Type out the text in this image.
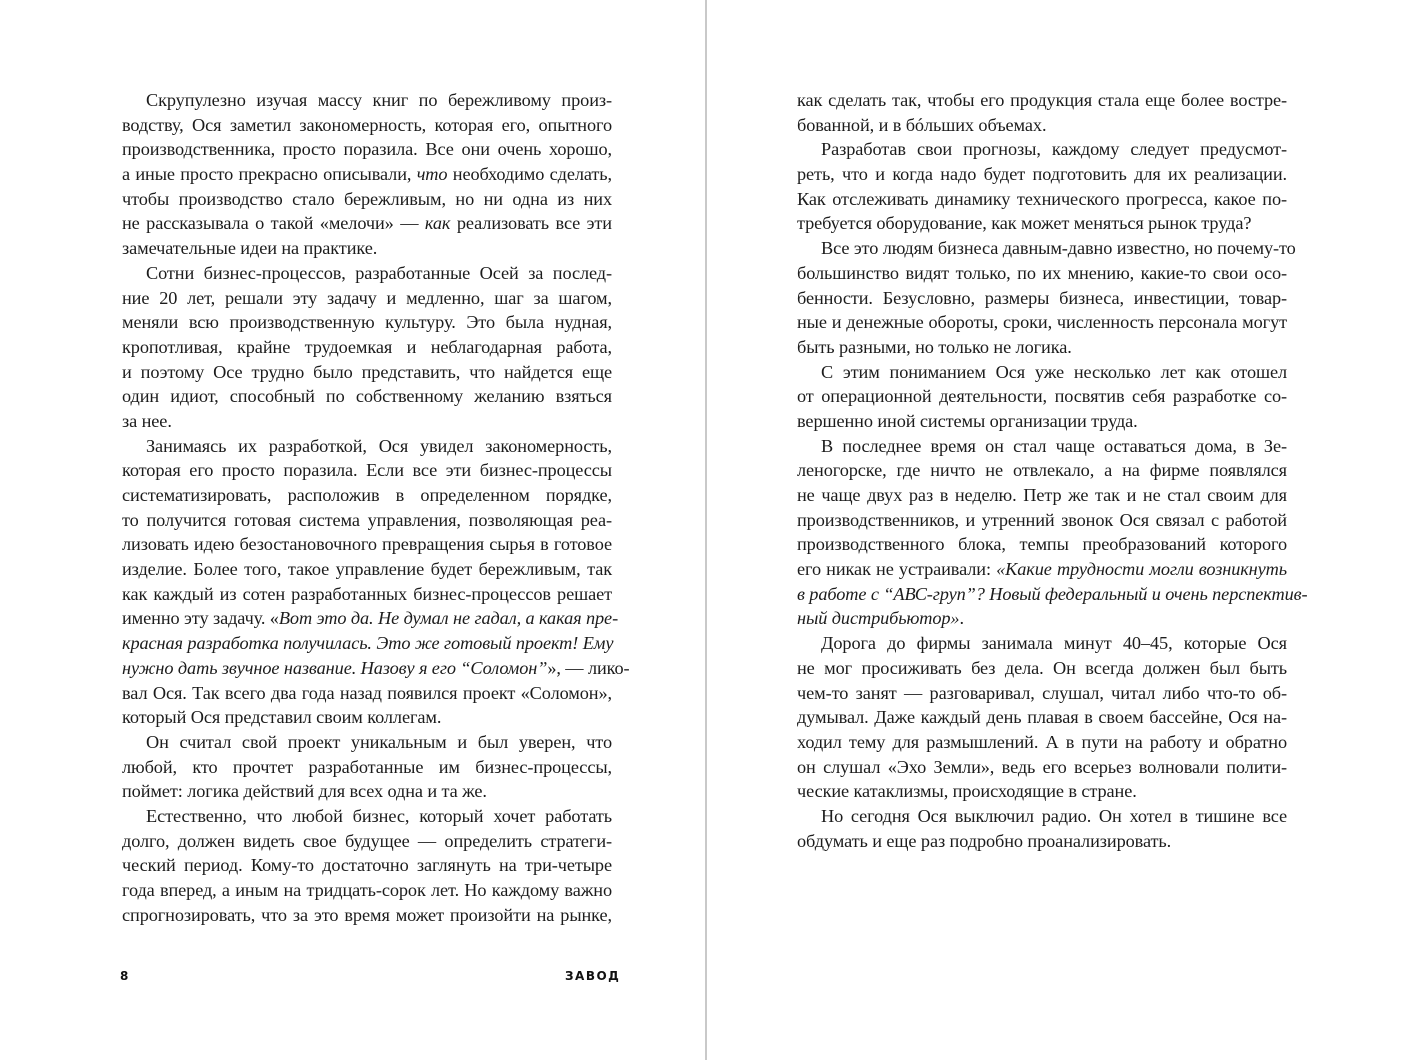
Скрупулезно изучая массу книг по бережливому произ-
водству, Ося заметил закономерность, которая его, опытного
производственника, просто поразила. Все они очень хорошо,
а иные просто прекрасно описывали, что необходимо сделать,
чтобы производство стало бережливым, но ни одна из них
не рассказывала о такой «мелочи» — как реализовать все эти
замечательные идеи на практике.
Сотни бизнес-процессов, разработанные Осей за послед-
ние 20 лет, решали эту задачу и медленно, шаг за шагом,
меняли всю производственную культуру. Это была нудная,
кропотливая, крайне трудоемкая и неблагодарная работа,
и поэтому Осе трудно было представить, что найдется еще
один идиот, способный по собственному желанию взяться
за нее.
Занимаясь их разработкой, Ося увидел закономерность,
которая его просто поразила. Если все эти бизнес-процессы
систематизировать, расположив в определенном порядке,
то получится готовая система управления, позволяющая реа-
лизовать идею безостановочного превращения сырья в готовое
изделие. Более того, такое управление будет бережливым, так
как каждый из сотен разработанных бизнес-процессов решает
именно эту задачу. «Вот это да. Не думал не гадал, а какая пре-
красная разработка получилась. Это же готовый проект! Ему
нужно дать звучное название. Назову я его “Соломон”», — лико-
вал Ося. Так всего два года назад появился проект «Соломон»,
который Ося представил своим коллегам.
Он считал свой проект уникальным и был уверен, что
любой, кто прочтет разработанные им бизнес-процессы,
поймет: логика действий для всех одна и та же.
Естественно, что любой бизнес, который хочет работать
долго, должен видеть свое будущее — определить стратеги-
ческий период. Кому-то достаточно заглянуть на три-четыре
года вперед, а иным на тридцать-сорок лет. Но каждому важно
спрогнозировать, что за это время может произойти на рынке,
как сделать так, чтобы его продукция стала еще более востре-
бованной, и в бóльших объемах.
Разработав свои прогнозы, каждому следует предусмот-
реть, что и когда надо будет подготовить для их реализации.
Как отслеживать динамику технического прогресса, какое по-
требуется оборудование, как может меняться рынок труда?
Все это людям бизнеса давным-давно известно, но почему-то
большинство видят только, по их мнению, какие-то свои осо-
бенности. Безусловно, размеры бизнеса, инвестиции, товар-
ные и денежные обороты, сроки, численность персонала могут
быть разными, но только не логика.
С этим пониманием Ося уже несколько лет как отошел
от операционной деятельности, посвятив себя разработке со-
вершенно иной системы организации труда.
В последнее время он стал чаще оставаться дома, в Зе-
леногорске, где ничто не отвлекало, а на фирме появлялся
не чаще двух раз в неделю. Петр же так и не стал своим для
производственников, и утренний звонок Ося связал с работой
производственного блока, темпы преобразований которого
его никак не устраивали: «Какие трудности могли возникнуть
в работе с “АВС-груп”? Новый федеральный и очень перспектив-
ный дистрибьютор».
Дорога до фирмы занимала минут 40–45, которые Ося
не мог просиживать без дела. Он всегда должен был быть
чем-то занят — разговаривал, слушал, читал либо что-то об-
думывал. Даже каждый день плавая в своем бассейне, Ося на-
ходил тему для размышлений. А в пути на работу и обратно
он слушал «Эхо Земли», ведь его всерьез волновали полити-
ческие катаклизмы, происходящие в стране.
Но сегодня Ося выключил радио. Он хотел в тишине все
обдумать и еще раз подробно проанализировать.
8	ЗАВОД
